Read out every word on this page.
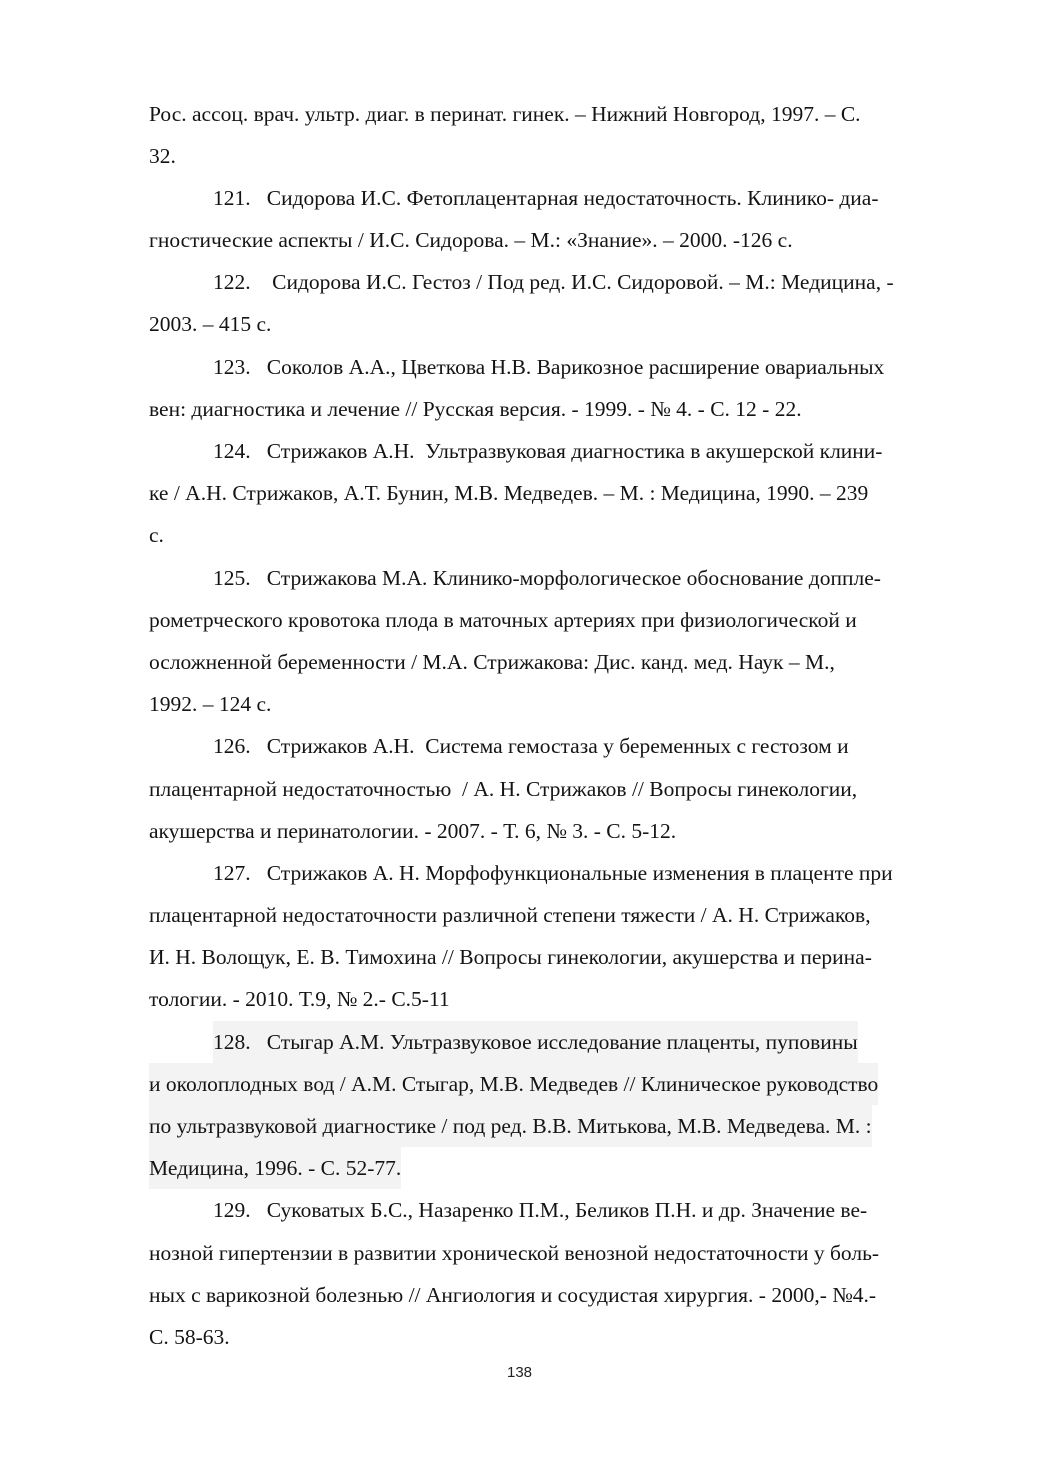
Рос. ассоц. врач. ультр. диаг. в перинат. гинек. – Нижний Новгород, 1997. – С.
32.
121.   Сидорова И.С. Фетоплацентарная недостаточность. Клинико- диа-
гностические аспекты / И.С. Сидорова. – М.: «Знание». – 2000. -126 с.
122.    Сидорова И.С. Гестоз / Под ред. И.С. Сидоровой. – М.: Медицина, -
2003. – 415 с.
123.   Соколов А.А., Цветкова Н.В. Варикозное расширение овариальных
вен: диагностика и лечение // Русская версия. - 1999. - № 4. - С. 12 - 22.
124.   Стрижаков А.Н.  Ультразвуковая диагностика в акушерской клини-
ке / А.Н. Стрижаков, А.Т. Бунин, М.В. Медведев. – М. : Медицина, 1990. – 239
с.
125.   Стрижакова М.А. Клинико-морфологическое обоснование доппле-
рометрческого кровотока плода в маточных артериях при физиологической и
осложненной беременности / М.А. Стрижакова: Дис. канд. мед. Наук – М.,
1992. – 124 с.
126.   Стрижаков А.Н.  Система гемостаза у беременных с гестозом и
плацентарной недостаточностью  / А. Н. Стрижаков // Вопросы гинекологии,
акушерства и перинатологии. - 2007. - Т. 6, № 3. - С. 5-12.
127.   Стрижаков А. Н. Морфофункциональные изменения в плаценте при
плацентарной недостаточности различной степени тяжести / А. Н. Стрижаков,
И. Н. Волощук, Е. В. Тимохина // Вопросы гинекологии, акушерства и перина-
тологии. - 2010. Т.9, № 2.- С.5-11
128.   Стыгар А.М. Ультразвуковое исследование плаценты, пуповины
и околоплодных вод / А.М. Стыгар, М.В. Медведев // Клиническое руководство
по ультразвуковой диагностике / под ред. В.В. Митькова, М.В. Медведева. М. :
Медицина, 1996. - С. 52-77.
129.   Суковатых Б.С., Назаренко П.М., Беликов П.Н. и др. Значение ве-
нозной гипертензии в развитии хронической венозной недостаточности у боль-
ных с варикозной болезнью // Ангиология и сосудистая хирургия. - 2000,- №4.-
С. 58-63.
138
